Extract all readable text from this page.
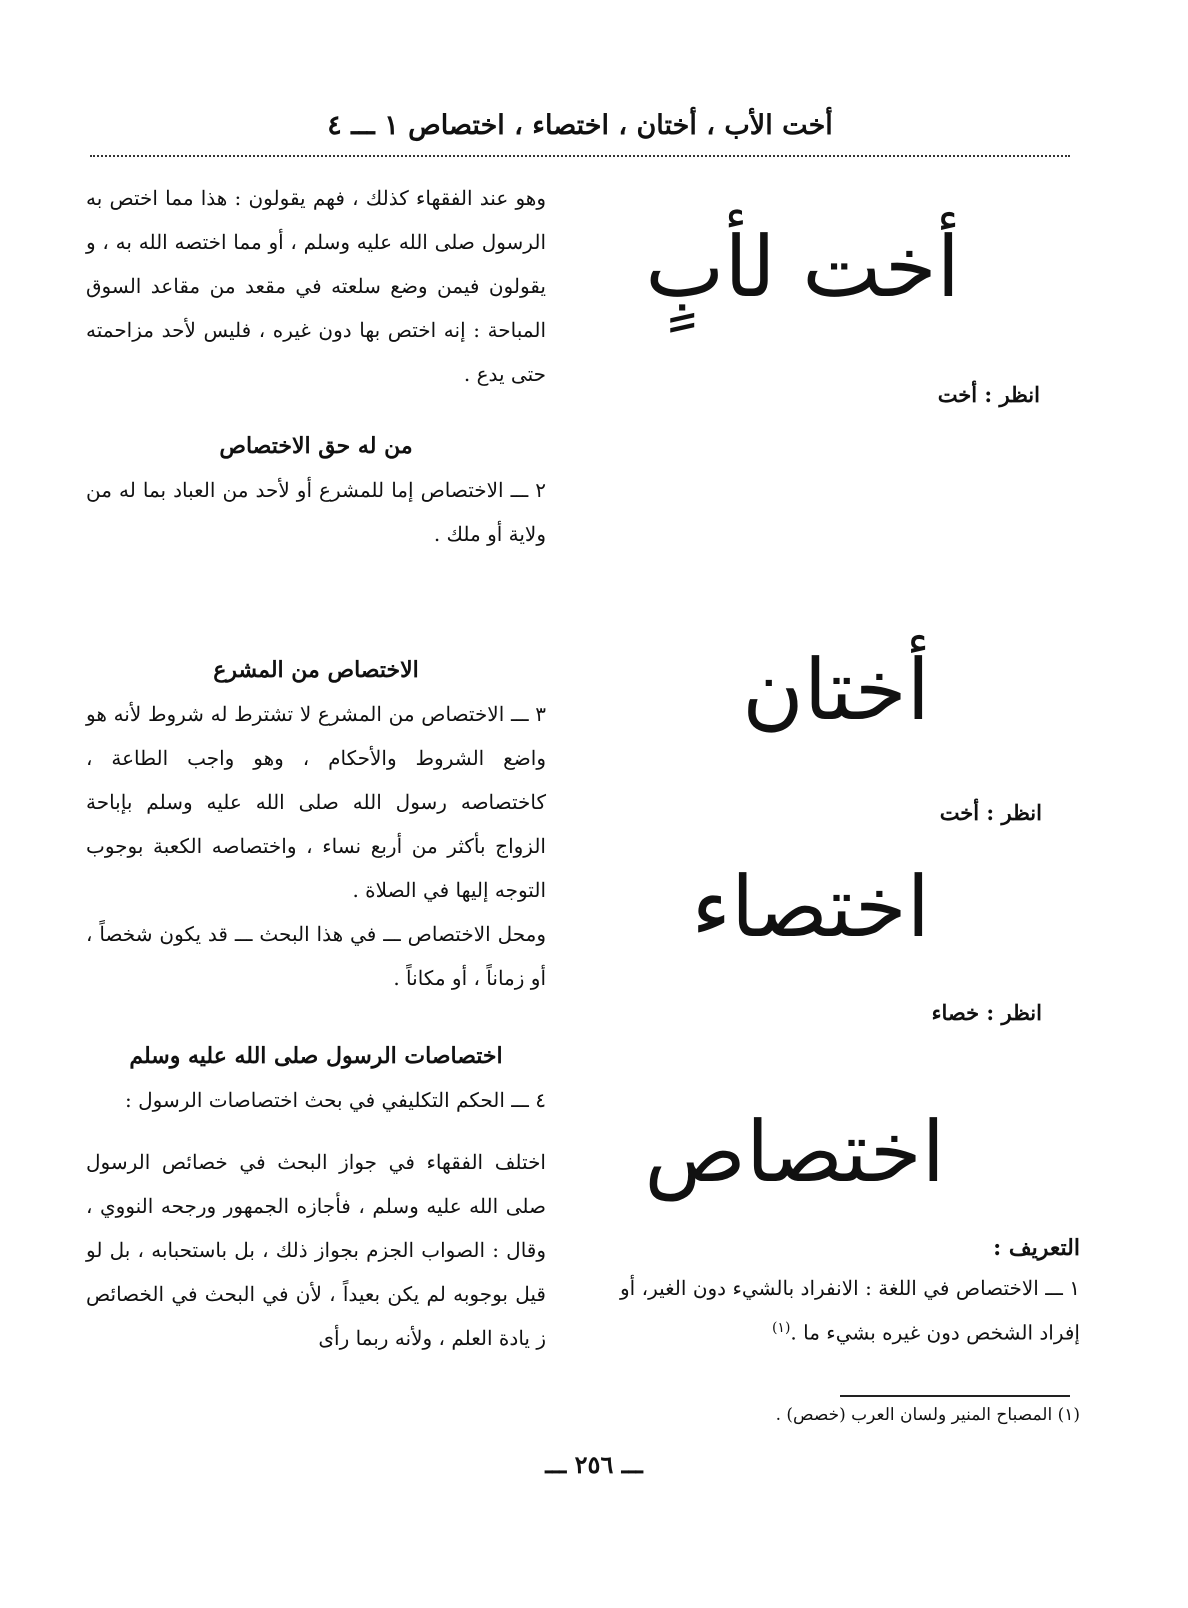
أخت الأب ، أختان ، اختصاء ، اختصاص ١ ـــ ٤

وهو عند الفقهاء كذلك ، فهم يقولون : هذا مما اختص به الرسول صلى الله عليه وسلم ، أو مما اختصه الله به ، و يقولون فيمن وضع سلعته في مقعد من مقاعد السوق المباحة : إنه اختص بها دون غيره ، فليس لأحد مزاحمته حتى يدع .

من له حق الاختصاص

٢ ـــ الاختصاص إما للمشرع أو لأحد من العباد بما له من ولاية أو ملك .

الاختصاص من المشرع

٣ ـــ الاختصاص من المشرع لا تشترط له شروط لأنه هو واضع الشروط والأحكام ، وهو واجب الطاعة ، كاختصاصه رسول الله صلى الله عليه وسلم بإباحة الزواج بأكثر من أربع نساء ، واختصاصه الكعبة بوجوب التوجه إليها في الصلاة .

ومحل الاختصاص ـــ في هذا البحث ـــ قد يكون شخصاً ، أو زماناً ، أو مكاناً .

اختصاصات الرسول صلى الله عليه وسلم

٤ ـــ الحكم التكليفي في بحث اختصاصات الرسول :

اختلف الفقهاء في جواز البحث في خصائص الرسول صلى الله عليه وسلم ، فأجازه الجمهور ورجحه النووي ، وقال : الصواب الجزم بجواز ذلك ، بل باستحبابه ، بل لو قيل بوجوبه لم يكن بعيداً ، لأن في البحث في الخصائص ز يادة العلم ، ولأنه ربما رأى

أخت لأبٍ
انظر : أخت
أختان
انظر : أخت
اختصاء
انظر : خصاء
اختصاص

التعريف :

١ ـــ الاختصاص في اللغة : الانفراد بالشيء دون الغير، أو إفراد الشخص دون غيره بشيء ما .$^{(١)}$

(١) المصباح المنير ولسان العرب (خصص) .
ـــ ٢٥٦ ـــ
